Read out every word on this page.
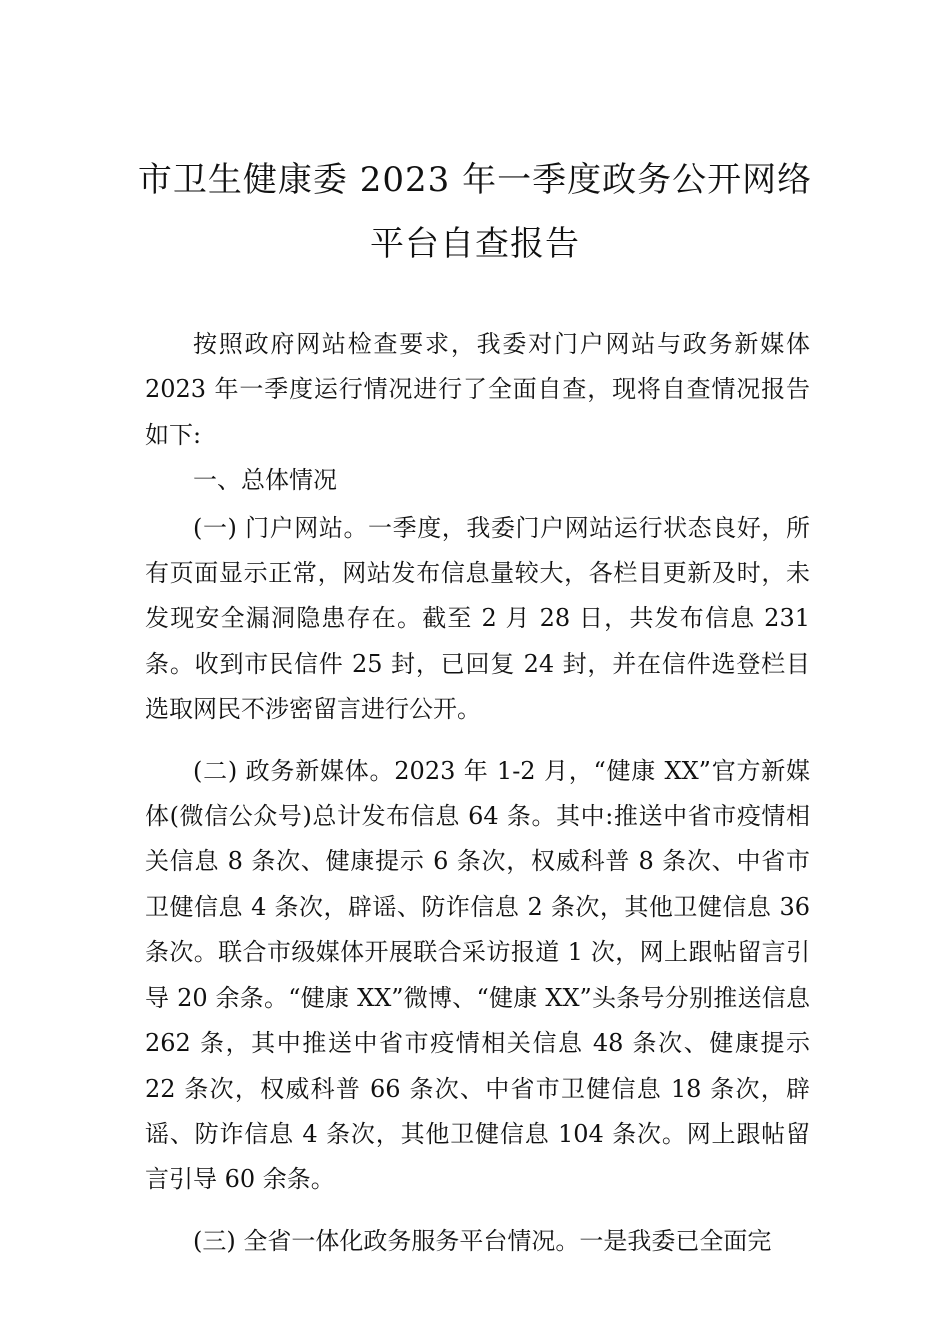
市卫生健康委 2023 年一季度政务公开网络
平台自查报告

按照政府网站检查要求，我委对门户网站与政务新媒体 2023 年一季度运行情况进行了全面自查，现将自查情况报告如下:

一、总体情况

(一) 门户网站。一季度，我委门户网站运行状态良好，所有页面显示正常，网站发布信息量较大，各栏目更新及时，未发现安全漏洞隐患存在。截至 2 月 28 日，共发布信息 231 条。收到市民信件 25 封，已回复 24 封，并在信件选登栏目选取网民不涉密留言进行公开。

(二) 政务新媒体。2023 年 1-2 月，“健康 XX”官方新媒体(微信公众号)总计发布信息 64 条。其中:推送中省市疫情相关信息 8 条次、健康提示 6 条次，权威科普 8 条次、中省市卫健信息 4 条次，辟谣、防诈信息 2 条次，其他卫健信息 36 条次。联合市级媒体开展联合采访报道 1 次，网上跟帖留言引导 20 余条。“健康 XX”微博、“健康 XX”头条号分别推送信息 262 条，其中推送中省市疫情相关信息 48 条次、健康提示 22 条次，权威科普 66 条次、中省市卫健信息 18 条次，辟谣、防诈信息 4 条次，其他卫健信息 104 条次。网上跟帖留言引导 60 余条。

(三) 全省一体化政务服务平台情况。一是我委已全面完
